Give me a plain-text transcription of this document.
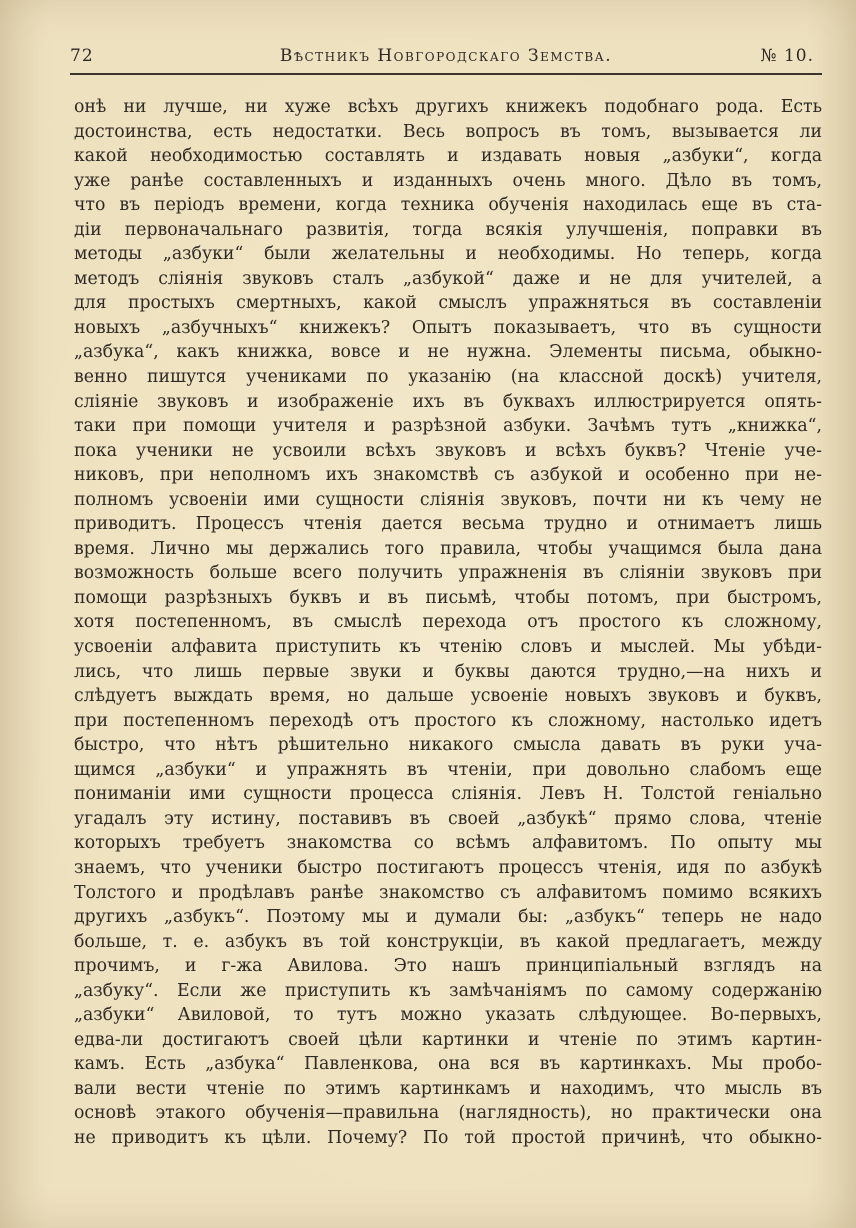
72	Вѣстникъ Новгородскаго Земства.	№ 10.
онѣ ни лучше, ни хуже всѣхъ другихъ книжекъ подобнаго рода. Есть
достоинства, есть недостатки. Весь вопросъ въ томъ, вызывается ли
какой необходимостью составлять и издавать новыя „азбуки“, когда
уже ранѣе составленныхъ и изданныхъ очень много. Дѣло въ томъ,
что въ періодъ времени, когда техника обученія находилась еще въ ста-
діи первоначальнаго развитія, тогда всякія улучшенія, поправки въ
методы „азбуки“ были желательны и необходимы. Но теперь, когда
методъ сліянія звуковъ сталъ „азбукой“ даже и не для учителей, а
для простыхъ смертныхъ, какой смыслъ упражняться въ составленіи
новыхъ „азбучныхъ“ книжекъ? Опытъ показываетъ, что въ сущности
„азбука“, какъ книжка, вовсе и не нужна. Элементы письма, обыкно-
венно пишутся учениками по указанію (на классной доскѣ) учителя,
сліяніе звуковъ и изображеніе ихъ въ буквахъ иллюстрируется опять-
таки при помощи учителя и разрѣзной азбуки. Зачѣмъ тутъ „книжка“,
пока ученики не усвоили всѣхъ звуковъ и всѣхъ буквъ? Чтеніе уче-
никовъ, при неполномъ ихъ знакомствѣ съ азбукой и особенно при не-
полномъ усвоеніи ими сущности сліянія звуковъ, почти ни къ чему не
приводитъ. Процессъ чтенія дается весьма трудно и отнимаетъ лишь
время. Лично мы держались того правила, чтобы учащимся была дана
возможность больше всего получить упражненія въ сліяніи звуковъ при
помощи разрѣзныхъ буквъ и въ письмѣ, чтобы потомъ, при быстромъ,
хотя постепенномъ, въ смыслѣ перехода отъ простого къ сложному,
усвоеніи алфавита приступить къ чтенію словъ и мыслей. Мы убѣди-
лись, что лишь первые звуки и буквы даются трудно,—на нихъ и
слѣдуетъ выждать время, но дальше усвоеніе новыхъ звуковъ и буквъ,
при постепенномъ переходѣ отъ простого къ сложному, настолько идетъ
быстро, что нѣтъ рѣшительно никакого смысла давать въ руки уча-
щимся „азбуки“ и упражнять въ чтеніи, при довольно слабомъ еще
пониманіи ими сущности процесса сліянія. Левъ Н. Толстой геніально
угадалъ эту истину, поставивъ въ своей „азбукѣ“ прямо слова, чтеніе
которыхъ требуетъ знакомства со всѣмъ алфавитомъ. По опыту мы
знаемъ, что ученики быстро постигаютъ процессъ чтенія, идя по азбукѣ
Толстого и продѣлавъ ранѣе знакомство съ алфавитомъ помимо всякихъ
другихъ „азбукъ“. Поэтому мы и думали бы: „азбукъ“ теперь не надо
больше, т. е. азбукъ въ той конструкціи, въ какой предлагаетъ, между
прочимъ, и г-жа Авилова. Это нашъ принципіальный взглядъ на
„азбуку“. Если же приступить къ замѣчаніямъ по самому содержанію
„азбуки“ Авиловой, то тутъ можно указать слѣдующее. Во-первыхъ,
едва-ли достигаютъ своей цѣли картинки и чтеніе по этимъ картин-
камъ. Есть „азбука“ Павленкова, она вся въ картинкахъ. Мы пробо-
вали вести чтеніе по этимъ картинкамъ и находимъ, что мысль въ
основѣ этакого обученія—правильна (наглядность), но практически она
не приводитъ къ цѣли. Почему? По той простой причинѣ, что обыкно-
